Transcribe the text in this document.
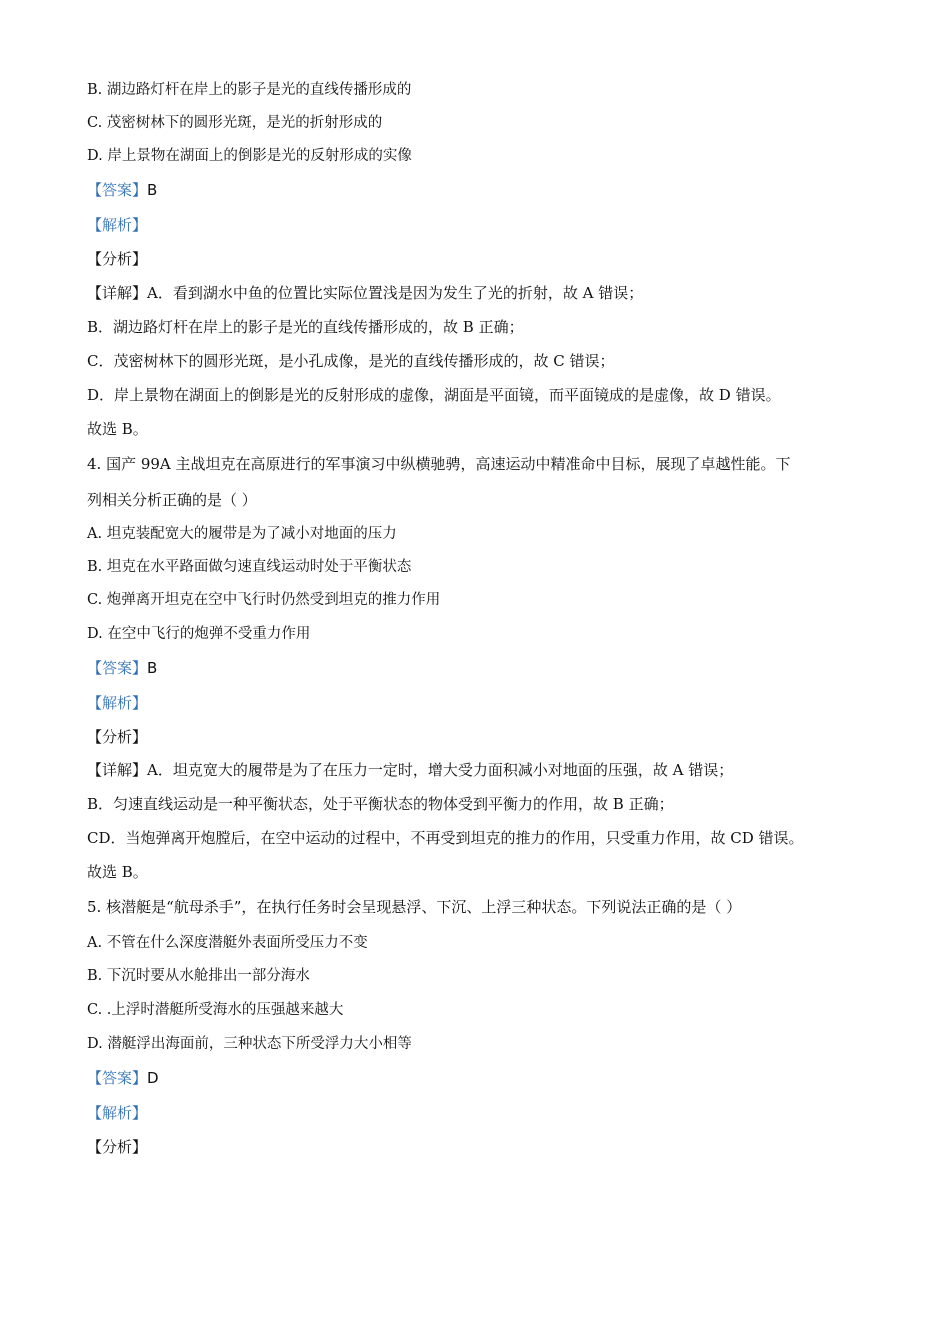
B. 湖边路灯杆在岸上的影子是光的直线传播形成的
C. 茂密树林下的圆形光斑，是光的折射形成的
D. 岸上景物在湖面上的倒影是光的反射形成的实像
【答案】B
【解析】
【分析】
【详解】A．看到湖水中鱼的位置比实际位置浅是因为发生了光的折射，故 A 错误；
B．湖边路灯杆在岸上的影子是光的直线传播形成的，故 B 正确；
C．茂密树林下的圆形光斑，是小孔成像，是光的直线传播形成的，故 C 错误；
D．岸上景物在湖面上的倒影是光的反射形成的虚像，湖面是平面镜，而平面镜成的是虚像，故 D 错误。
故选 B。
4. 国产 99A 主战坦克在高原进行的军事演习中纵横驰骋，高速运动中精准命中目标，展现了卓越性能。下
列相关分析正确的是（ ）
A. 坦克装配宽大的履带是为了减小对地面的压力
B. 坦克在水平路面做匀速直线运动时处于平衡状态
C. 炮弹离开坦克在空中飞行时仍然受到坦克的推力作用
D. 在空中飞行的炮弹不受重力作用
【答案】B
【解析】
【分析】
【详解】A．坦克宽大的履带是为了在压力一定时，增大受力面积减小对地面的压强，故 A 错误；
B．匀速直线运动是一种平衡状态，处于平衡状态的物体受到平衡力的作用，故 B 正确；
CD．当炮弹离开炮膛后，在空中运动的过程中，不再受到坦克的推力的作用，只受重力作用，故 CD 错误。
故选 B。
5. 核潜艇是“航母杀手”，在执行任务时会呈现悬浮、下沉、上浮三种状态。下列说法正确的是（ ）
A. 不管在什么深度潜艇外表面所受压力不变
B. 下沉时要从水舱排出一部分海水
C. .上浮时潜艇所受海水的压强越来越大
D. 潜艇浮出海面前，三种状态下所受浮力大小相等
【答案】D
【解析】
【分析】
